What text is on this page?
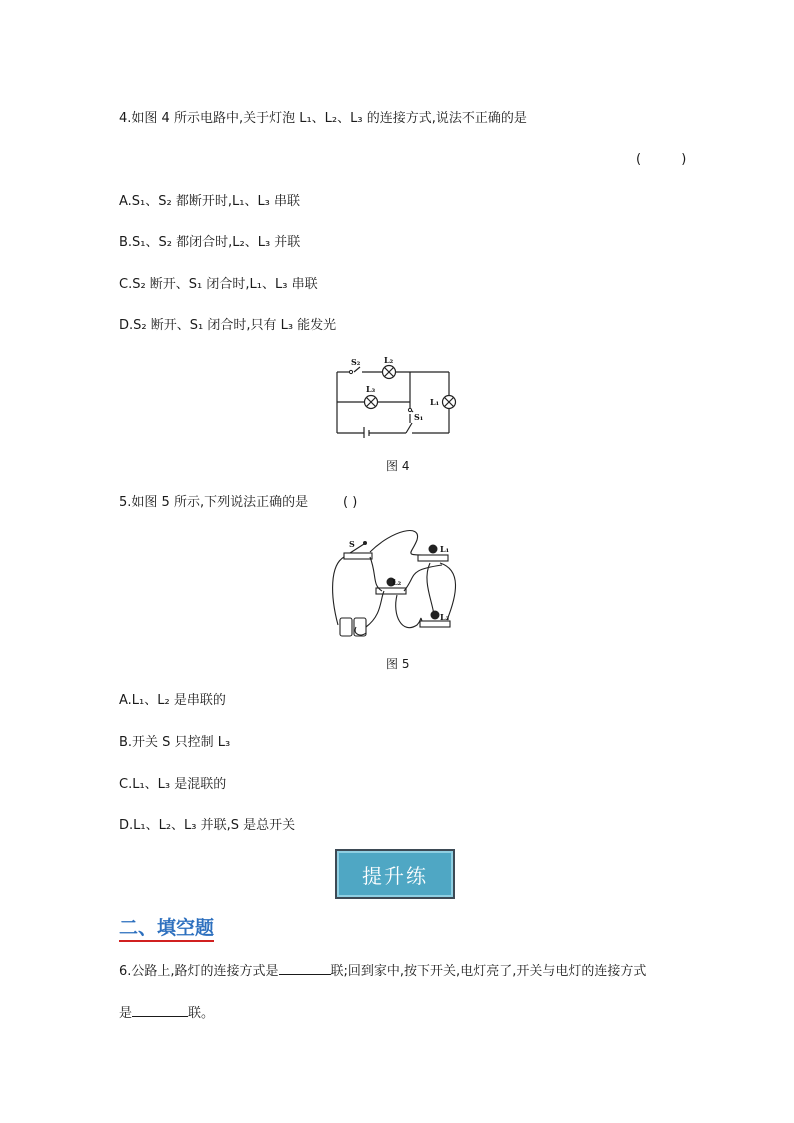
4.如图 4 所示电路中,关于灯泡 L₁、L₂、L₃ 的连接方式,说法不正确的是
( )
A.S₁、S₂ 都断开时,L₁、L₃ 串联
B.S₁、S₂ 都闭合时,L₂、L₃ 并联
C.S₂ 断开、S₁ 闭合时,L₁、L₃ 串联
D.S₂ 断开、S₁ 闭合时,只有 L₃ 能发光
S₂	L₂
L₃
L₁
S₁
图 4
5.如图 5 所示,下列说法正确的是	( )
S	L₁
L₂
L₃
图 5
A.L₁、L₂ 是串联的
B.开关 S 只控制 L₃
C.L₁、L₃ 是混联的
D.L₁、L₂、L₃ 并联,S 是总开关
提升练
二、填空题
6.公路上,路灯的连接方式是	联;回到家中,按下开关,电灯亮了,开关与电灯的连接方式
是	联。
